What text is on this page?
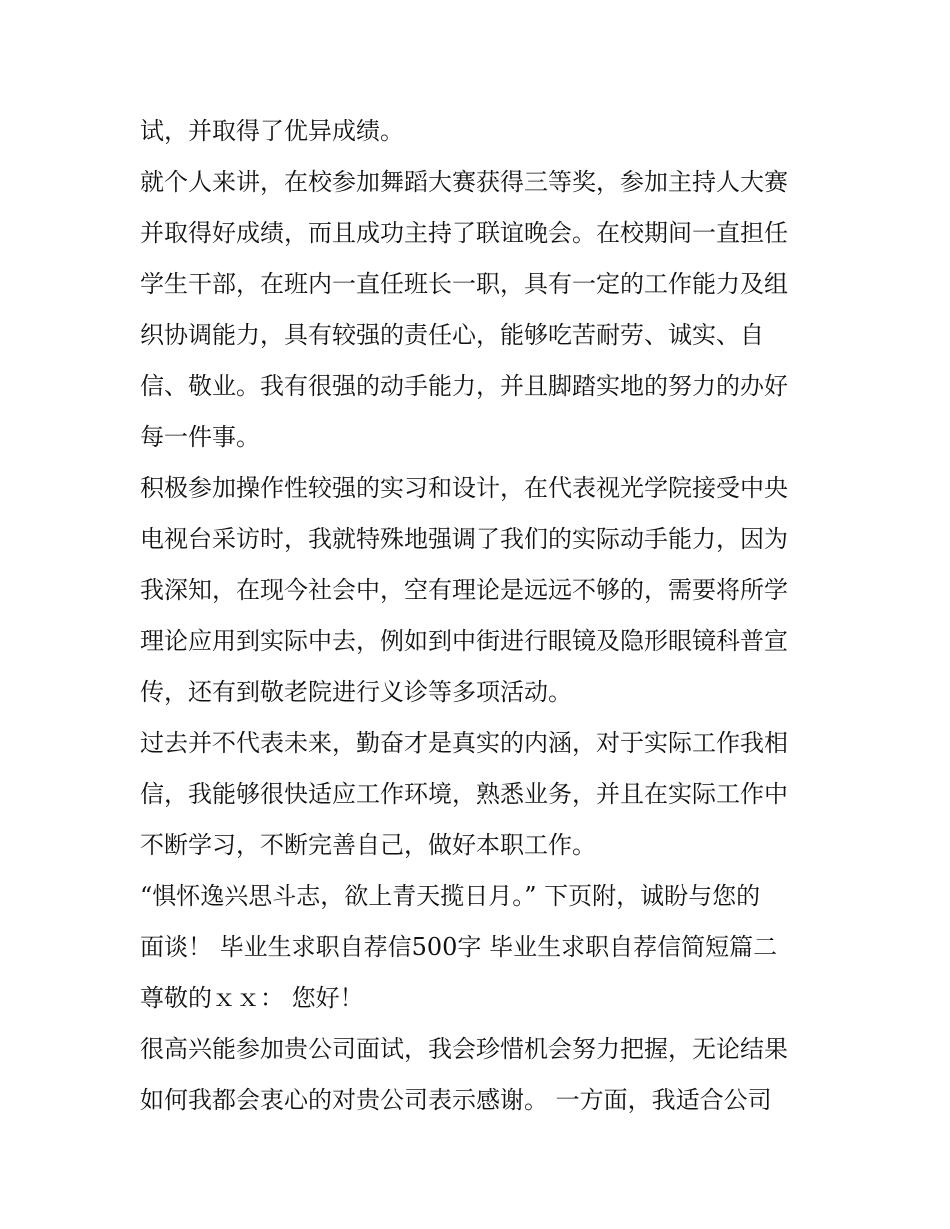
试，并取得了优异成绩。
就个人来讲，在校参加舞蹈大赛获得三等奖，参加主持人大赛
并取得好成绩，而且成功主持了联谊晚会。在校期间一直担任
学生干部，在班内一直任班长一职，具有一定的工作能力及组
织协调能力，具有较强的责任心，能够吃苦耐劳、诚实、自
信、敬业。我有很强的动手能力，并且脚踏实地的努力的办好
每一件事。
积极参加操作性较强的实习和设计，在代表视光学院接受中央
电视台采访时，我就特殊地强调了我们的实际动手能力，因为
我深知，在现今社会中，空有理论是远远不够的，需要将所学
理论应用到实际中去，例如到中街进行眼镜及隐形眼镜科普宣
传，还有到敬老院进行义诊等多项活动。
过去并不代表未来，勤奋才是真实的内涵，对于实际工作我相
信，我能够很快适应工作环境，熟悉业务，并且在实际工作中
不断学习，不断完善自己，做好本职工作。
“惧怀逸兴思斗志，欲上青天揽日月。” 下页附，诚盼与您的
面谈！ 毕业生求职自荐信500字 毕业生求职自荐信简短篇二
尊敬的ｘｘ： 您好！
很高兴能参加贵公司面试，我会珍惜机会努力把握，无论结果
如何我都会衷心的对贵公司表示感谢。 一方面，我适合公司
